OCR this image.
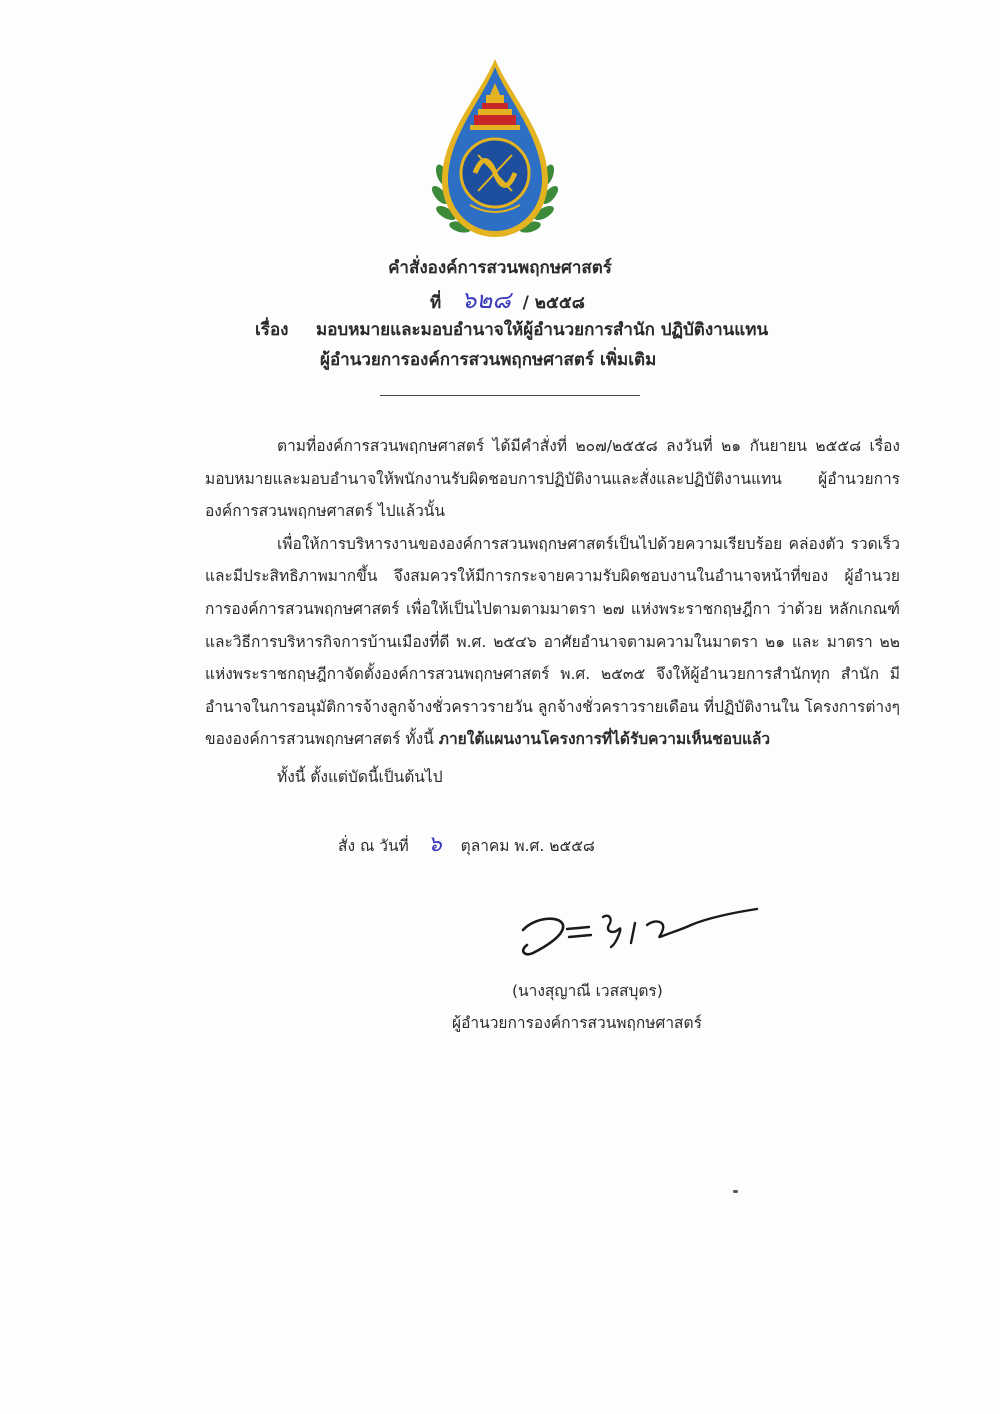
คำสั่งองค์การสวนพฤกษศาสตร์
ที่ ๖๒๘ / ๒๕๕๘
เรื่อง มอบหมายและมอบอำนาจให้ผู้อำนวยการสำนัก ปฏิบัติงานแทน
ผู้อำนวยการองค์การสวนพฤกษศาสตร์ เพิ่มเติม

ตามที่องค์การสวนพฤกษศาสตร์ ได้มีคำสั่งที่ ๒๐๗/๒๕๕๘ ลงวันที่ ๒๑ กันยายน ๒๕๕๘ เรื่อง มอบหมายและมอบอำนาจให้พนักงานรับผิดชอบการปฏิบัติงานและสั่งและปฏิบัติงานแทน ผู้อำนวยการองค์การสวนพฤกษศาสตร์ ไปแล้วนั้น

เพื่อให้การบริหารงานขององค์การสวนพฤกษศาสตร์เป็นไปด้วยความเรียบร้อย คล่องตัว รวดเร็วและมีประสิทธิภาพมากขึ้น จึงสมควรให้มีการกระจายความรับผิดชอบงานในอำนาจหน้าที่ของ ผู้อำนวยการองค์การสวนพฤกษศาสตร์ เพื่อให้เป็นไปตามตามมาตรา ๒๗ แห่งพระราชกฤษฎีกา ว่าด้วย หลักเกณฑ์และวิธีการบริหารกิจการบ้านเมืองที่ดี พ.ศ. ๒๕๔๖ อาศัยอำนาจตามความในมาตรา ๒๑ และ มาตรา ๒๒ แห่งพระราชกฤษฎีกาจัดตั้งองค์การสวนพฤกษศาสตร์ พ.ศ. ๒๕๓๕ จึงให้ผู้อำนวยการสำนักทุก สำนัก มีอำนาจในการอนุมัติการจ้างลูกจ้างชั่วคราวรายวัน ลูกจ้างชั่วคราวรายเดือน ที่ปฏิบัติงานใน โครงการต่างๆ ขององค์การสวนพฤกษศาสตร์ ทั้งนี้ ภายใต้แผนงานโครงการที่ได้รับความเห็นชอบแล้ว

ทั้งนี้ ตั้งแต่บัดนี้เป็นต้นไป
สั่ง ณ วันที่ ๖ ตุลาคม พ.ศ. ๒๕๕๘
(นางสุญาณี เวสสบุตร)
ผู้อำนวยการองค์การสวนพฤกษศาสตร์
